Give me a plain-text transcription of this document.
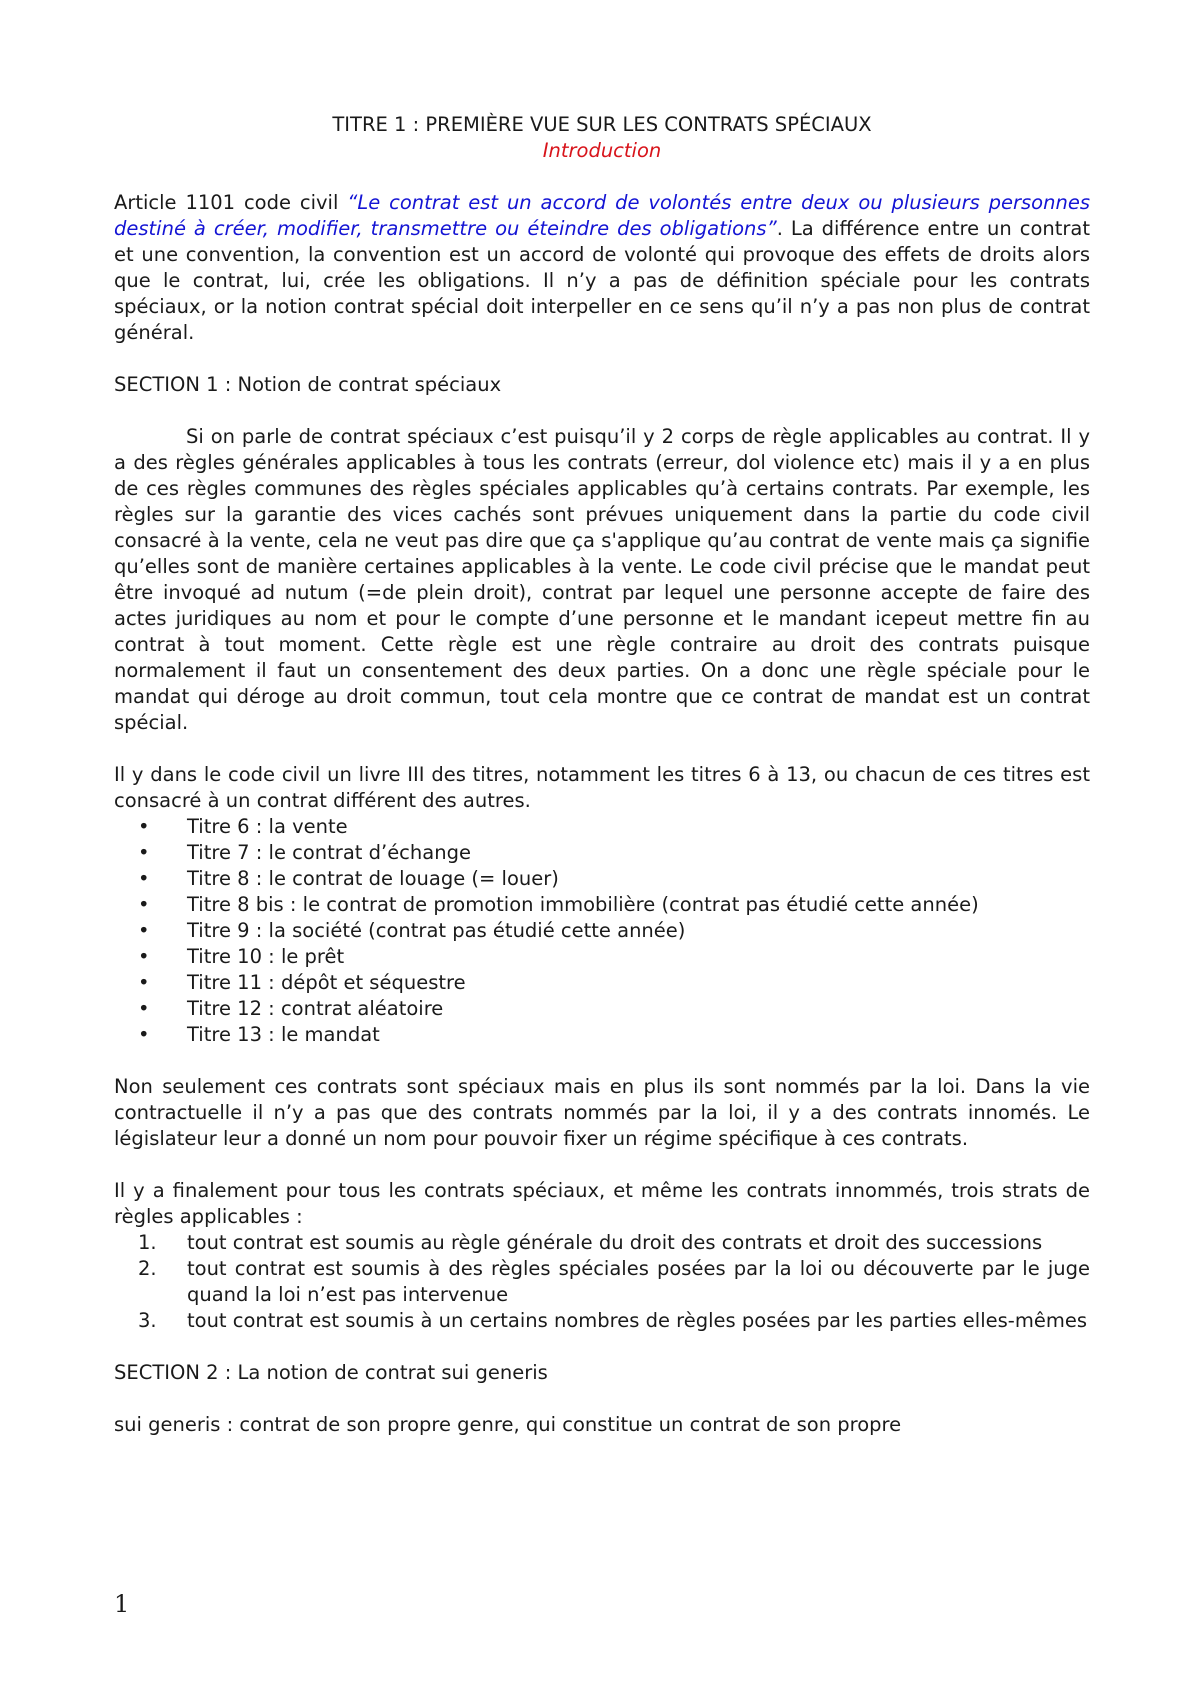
TITRE 1 : PREMIÈRE VUE SUR LES CONTRATS SPÉCIAUX

Introduction

Article 1101 code civil “Le contrat est un accord de volontés entre deux ou plusieurs personnes destiné à créer, modifier, transmettre ou éteindre des obligations”. La différence entre un contrat et une convention, la convention est un accord de volonté qui provoque des effets de droits alors que le contrat, lui, crée les obligations. Il n’y a pas de définition spéciale pour les contrats spéciaux, or la notion contrat spécial doit interpeller en ce sens qu’il n’y a pas non plus de contrat général.

SECTION 1 : Notion de contrat spéciaux

Si on parle de contrat spéciaux c’est puisqu’il y 2 corps de règle applicables au contrat. Il y a des règles générales applicables à tous les contrats (erreur, dol violence etc) mais il y a en plus de ces règles communes des règles spéciales applicables qu’à certains contrats. Par exemple, les règles sur la garantie des vices cachés sont prévues uniquement dans la partie du code civil consacré à la vente, cela ne veut pas dire que ça s'applique qu’au contrat de vente mais ça signifie qu’elles sont de manière certaines applicables à la vente. Le code civil précise que le mandat peut être invoqué ad nutum (=de plein droit), contrat par lequel une personne accepte de faire des actes juridiques au nom et pour le compte d’une personne et le mandant icepeut mettre fin au contrat à tout moment. Cette règle est une règle contraire au droit des contrats puisque normalement il faut un consentement des deux parties. On a donc une règle spéciale pour le mandat qui déroge au droit commun, tout cela montre que ce contrat de mandat est un contrat spécial.

Il y dans le code civil un livre III des titres, notamment les titres 6 à 13, ou chacun de ces titres est consacré à un contrat différent des autres.

• Titre 6 : la vente
• Titre 7 : le contrat d’échange
• Titre 8 : le contrat de louage (= louer)
• Titre 8 bis : le contrat de promotion immobilière (contrat pas étudié cette année)
• Titre 9 : la société (contrat pas étudié cette année)
• Titre 10 : le prêt
• Titre 11 : dépôt et séquestre
• Titre 12 : contrat aléatoire
• Titre 13 : le mandat

Non seulement ces contrats sont spéciaux mais en plus ils sont nommés par la loi. Dans la vie contractuelle il n’y a pas que des contrats nommés par la loi, il y a des contrats innomés. Le législateur leur a donné un nom pour pouvoir fixer un régime spécifique à ces contrats.

Il y a finalement pour tous les contrats spéciaux, et même les contrats innommés, trois strats de règles applicables :

1. tout contrat est soumis au règle générale du droit des contrats et droit des successions
2. tout contrat est soumis à des règles spéciales posées par la loi ou découverte par le juge quand la loi n’est pas intervenue
3. tout contrat est soumis à un certains nombres de règles posées par les parties elles-mêmes

SECTION 2 : La notion de contrat sui generis

sui generis : contrat de son propre genre, qui constitue un contrat de son propre

1
